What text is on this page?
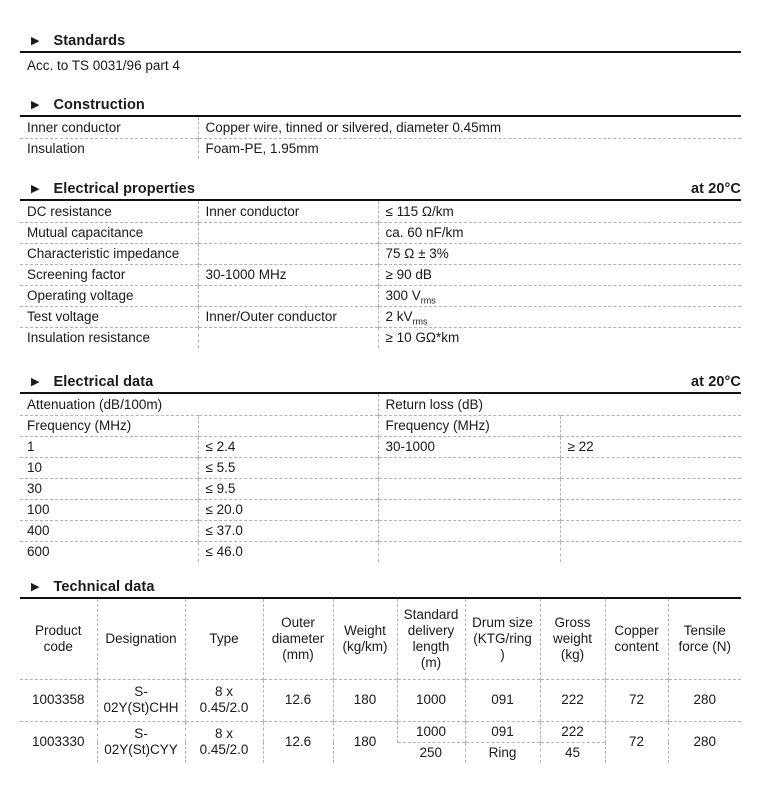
▶ Standards
Acc. to TS 0031/96 part 4
▶ Construction
Inner conductor	Copper wire, tinned or silvered, diameter 0.45mm
Insulation	Foam-PE, 1.95mm
▶ Electrical properties	at 20°C
DC resistance	Inner conductor	≤ 115 Ω/km
Mutual capacitance		ca. 60 nF/km
Characteristic impedance		75 Ω ± 3%
Screening factor	30-1000 MHz	≥ 90 dB
Operating voltage		300 $V_{rms}$
Test voltage	Inner/Outer conductor	2 $kV_{rms}$
Insulation resistance		≥ 10 GΩ*km
▶ Electrical data	at 20°C
Attenuation (dB/100m)		Return loss (dB)	
Frequency (MHz)		Frequency (MHz)	
1	≤ 2.4	30-1000	≥ 22
10	≤ 5.5		
30	≤ 9.5		
100	≤ 20.0		
400	≤ 37.0		
600	≤ 46.0		
▶ Technical data
Product code	Designation	Type	Outer diameter (mm)	Weight (kg/km)	Standard delivery length (m)	Drum size (KTG/ring)	Gross weight (kg)	Copper content	Tensile force (N)
1003358	S-02Y(St)CHH	8 x 0.45/2.0	12.6	180	1000	091	222	72	280
1003330	S-02Y(St)CYY	8 x 0.45/2.0	12.6	180	1000	091	222	72	280
					250	Ring	45		
